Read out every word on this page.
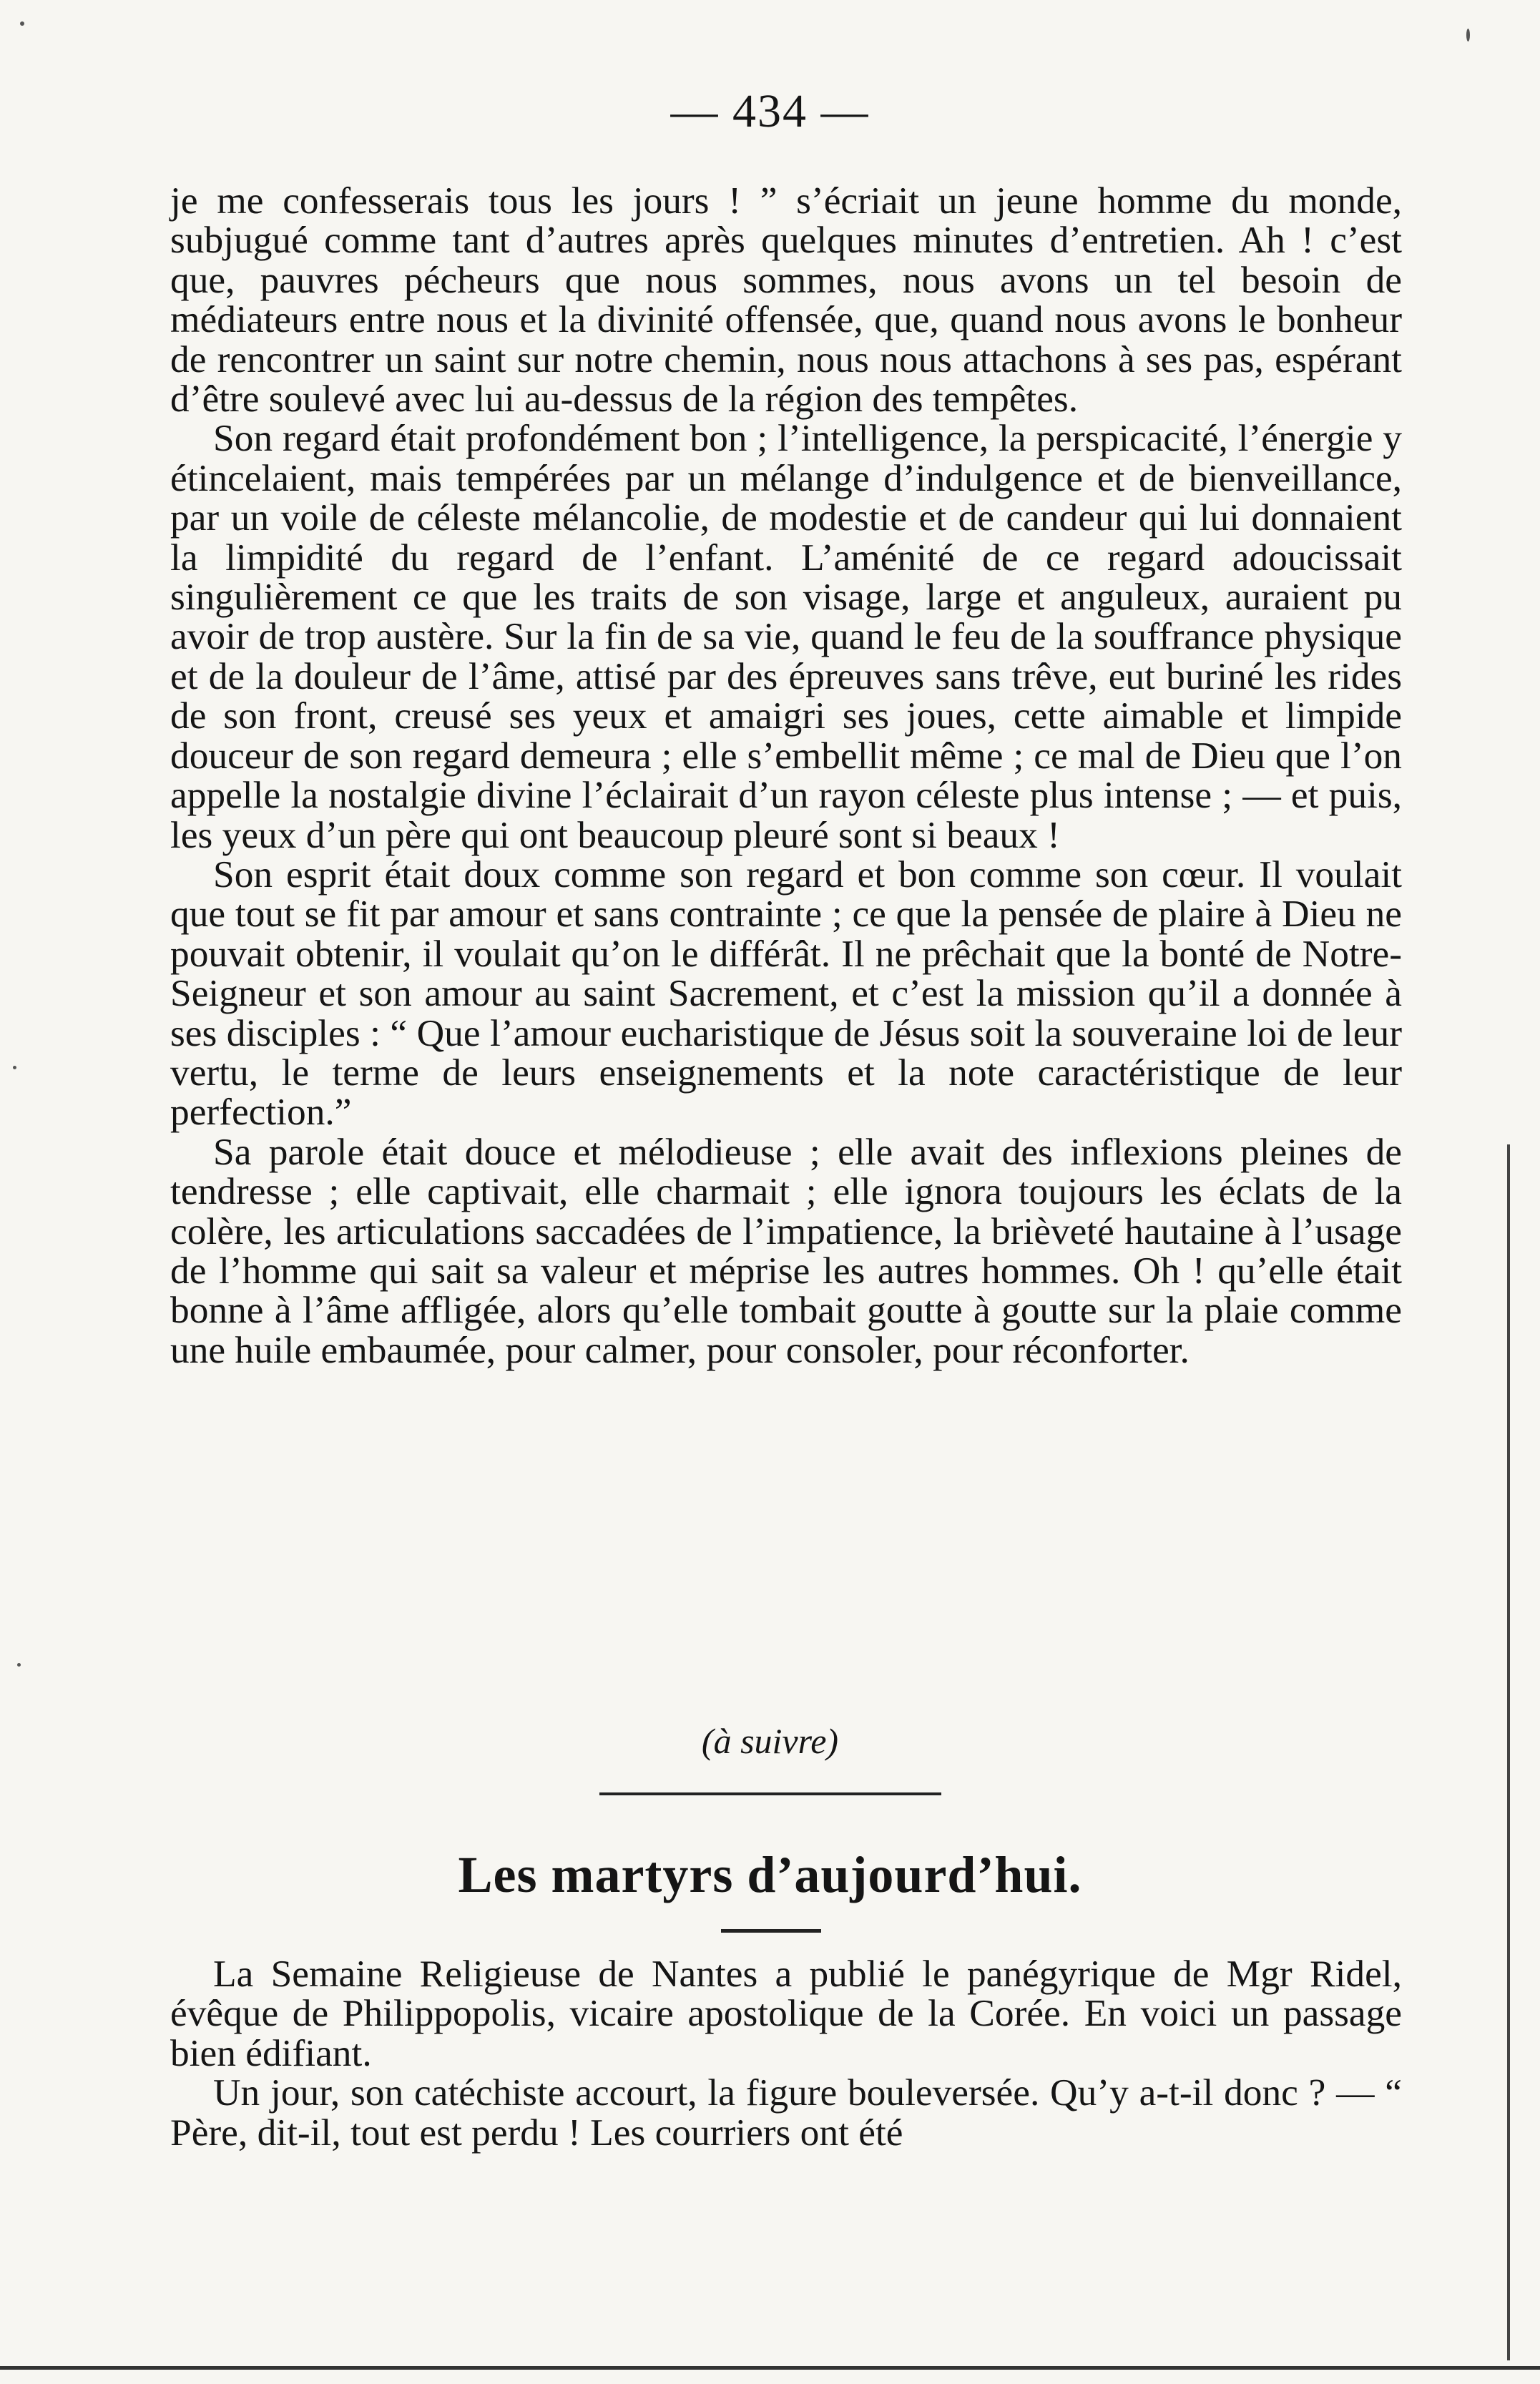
— 434 —

je me confesserais tous les jours ! ” s’écriait un jeune homme du monde, subjugué comme tant d’autres après quelques minutes d’entretien. Ah ! c’est que, pauvres pécheurs que nous sommes, nous avons un tel besoin de médiateurs entre nous et la divinité offensée, que, quand nous avons le bonheur de rencontrer un saint sur notre chemin, nous nous attachons à ses pas, espérant d’être soulevé avec lui au-dessus de la région des tempêtes.

Son regard était profondément bon ; l’intelligence, la perspicacité, l’énergie y étincelaient, mais tempérées par un mélange d’indulgence et de bienveillance, par un voile de céleste mélancolie, de modestie et de candeur qui lui donnaient la limpidité du regard de l’enfant. L’aménité de ce regard adoucissait singulièrement ce que les traits de son visage, large et anguleux, auraient pu avoir de trop austère. Sur la fin de sa vie, quand le feu de la souffrance physique et de la douleur de l’âme, attisé par des épreuves sans trêve, eut buriné les rides de son front, creusé ses yeux et amaigri ses joues, cette aimable et limpide douceur de son regard demeura ; elle s’embellit même ; ce mal de Dieu que l’on appelle la nostalgie divine l’éclairait d’un rayon céleste plus intense ; — et puis, les yeux d’un père qui ont beaucoup pleuré sont si beaux !

Son esprit était doux comme son regard et bon comme son cœur. Il voulait que tout se fit par amour et sans contrainte ; ce que la pensée de plaire à Dieu ne pouvait obtenir, il voulait qu’on le différât. Il ne prêchait que la bonté de Notre-Seigneur et son amour au saint Sacrement, et c’est la mission qu’il a donnée à ses disciples : “ Que l’amour eucharistique de Jésus soit la souveraine loi de leur vertu, le terme de leurs enseignements et la note caractéristique de leur perfection.”

Sa parole était douce et mélodieuse ; elle avait des inflexions pleines de tendresse ; elle captivait, elle charmait ; elle ignora toujours les éclats de la colère, les articulations saccadées de l’impatience, la brièveté hautaine à l’usage de l’homme qui sait sa valeur et méprise les autres hommes. Oh ! qu’elle était bonne à l’âme affligée, alors qu’elle tombait goutte à goutte sur la plaie comme une huile embaumée, pour calmer, pour consoler, pour réconforter.

(à suivre)
Les martyrs d’aujourd’hui.

La Semaine Religieuse de Nantes a publié le panégyrique de Mgr Ridel, évêque de Philippopolis, vicaire apostolique de la Corée. En voici un passage bien édifiant.

Un jour, son catéchiste accourt, la figure bouleversée. Qu’y a-t-il donc ? — “ Père, dit-il, tout est perdu ! Les courriers ont été
